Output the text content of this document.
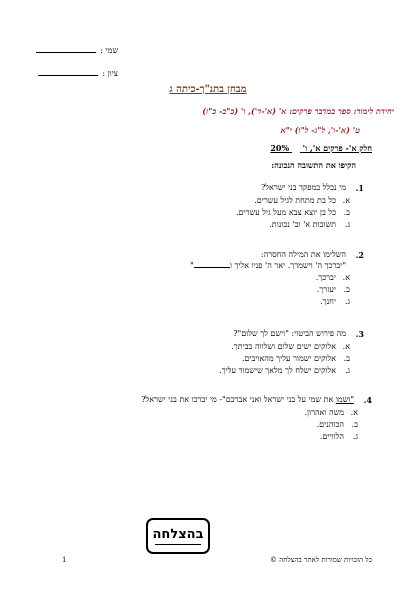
שמי :
ציון :
מבחן בתנ"ך-כיתה ג
יחידת לימוד: ספר במדבר פרקים: א' (א'-ד'), ו' (כ"ב- כ"ז)
ט' (א'-ו', ל"ג- ל"ו) י"א
חלק א'- פרקים א', ו'  20%
הקיפו את התשובה הנכונה:
1.
מי נכלל במפקד בני ישראל?
א.
כל בת מתחת לגיל עשרים.
ב.
כל בן יוצא צבא מעל גיל עשרים.
ג.
תשובות א' וב' נכונות.
2.
השלימו את המילה החסרה:
"יברכך ה' וישמרך. יאר ה' פניו אליך ו"
א.
יברכך.
ב.
יעזרך.
ג.
יחנך.
3.
מה פירוש הביטוי: "וישם לך שלום"?
א.
אלוקים ישים שלום ושלווה בביתך.
ב.
אלוקים ישמור עליך מהאויבים.
ג.
אלוקים ישלח לך מלאך שישמור עליך.
4.
"ושמו את שמי על בני ישראל ואני אברכם"- מי יברכו את בני ישראל?
א.
משה ואהרון.
ב.
הכוהנים.
ג.
הלוויים.
בהצלחה
כל הזכויות שמורות לאתר בהצלחה ©
1
